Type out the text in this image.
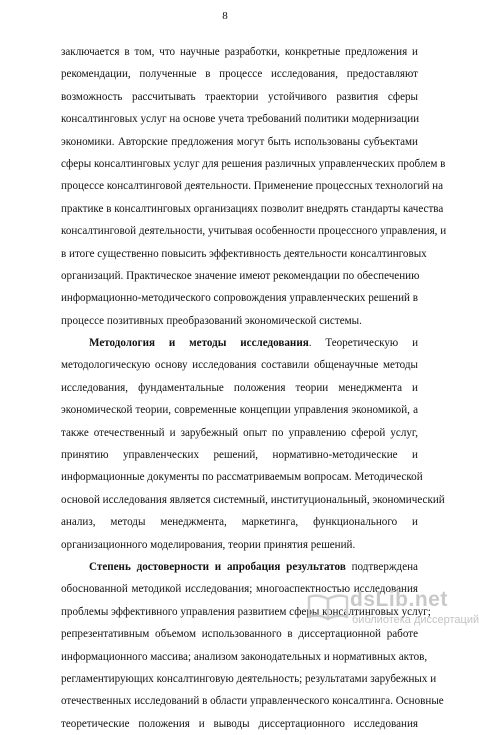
8
заключается в том, что научные разработки, конкретные предложения и
рекомендации, полученные в процессе исследования, предоставляют
возможность рассчитывать траектории устойчивого развития сферы
консалтинговых услуг на основе учета требований политики модернизации
экономики. Авторские предложения могут быть использованы субъектами
сферы консалтинговых услуг для решения различных управленческих проблем в
процессе консалтинговой деятельности. Применение процессных технологий на
практике в консалтинговых организациях позволит внедрять стандарты качества
консалтинговой деятельности, учитывая особенности процессного управления, и
в итоге существенно повысить эффективность деятельности консалтинговых
организаций. Практическое значение имеют рекомендации по обеспечению
информационно-методического сопровождения управленческих решений в
процессе позитивных преобразований экономической системы.
Методология и методы исследования. Теоретическую и
методологическую основу исследования составили общенаучные методы
исследования, фундаментальные положения теории менеджмента и
экономической теории, современные концепции управления экономикой, а
также отечественный и зарубежный опыт по управлению сферой услуг,
принятию управленческих решений, нормативно-методические и
информационные документы по рассматриваемым вопросам. Методической
основой исследования является системный, институциональный, экономический
анализ, методы менеджмента, маркетинга, функционального и
организационного моделирования, теории принятия решений.
Степень достоверности и апробация результатов подтверждена
обоснованной методикой исследования; многоаспектностью исследования
проблемы эффективного управления развитием сферы консалтинговых услуг;
репрезентативным объемом использованного в диссертационной работе
информационного массива; анализом законодательных и нормативных актов,
регламентирующих консалтинговую деятельность; результатами зарубежных и
отечественных исследований в области управленческого консалтинга. Основные
теоретические положения и выводы диссертационного исследования
dsLib.net
библиотека диссертаций
